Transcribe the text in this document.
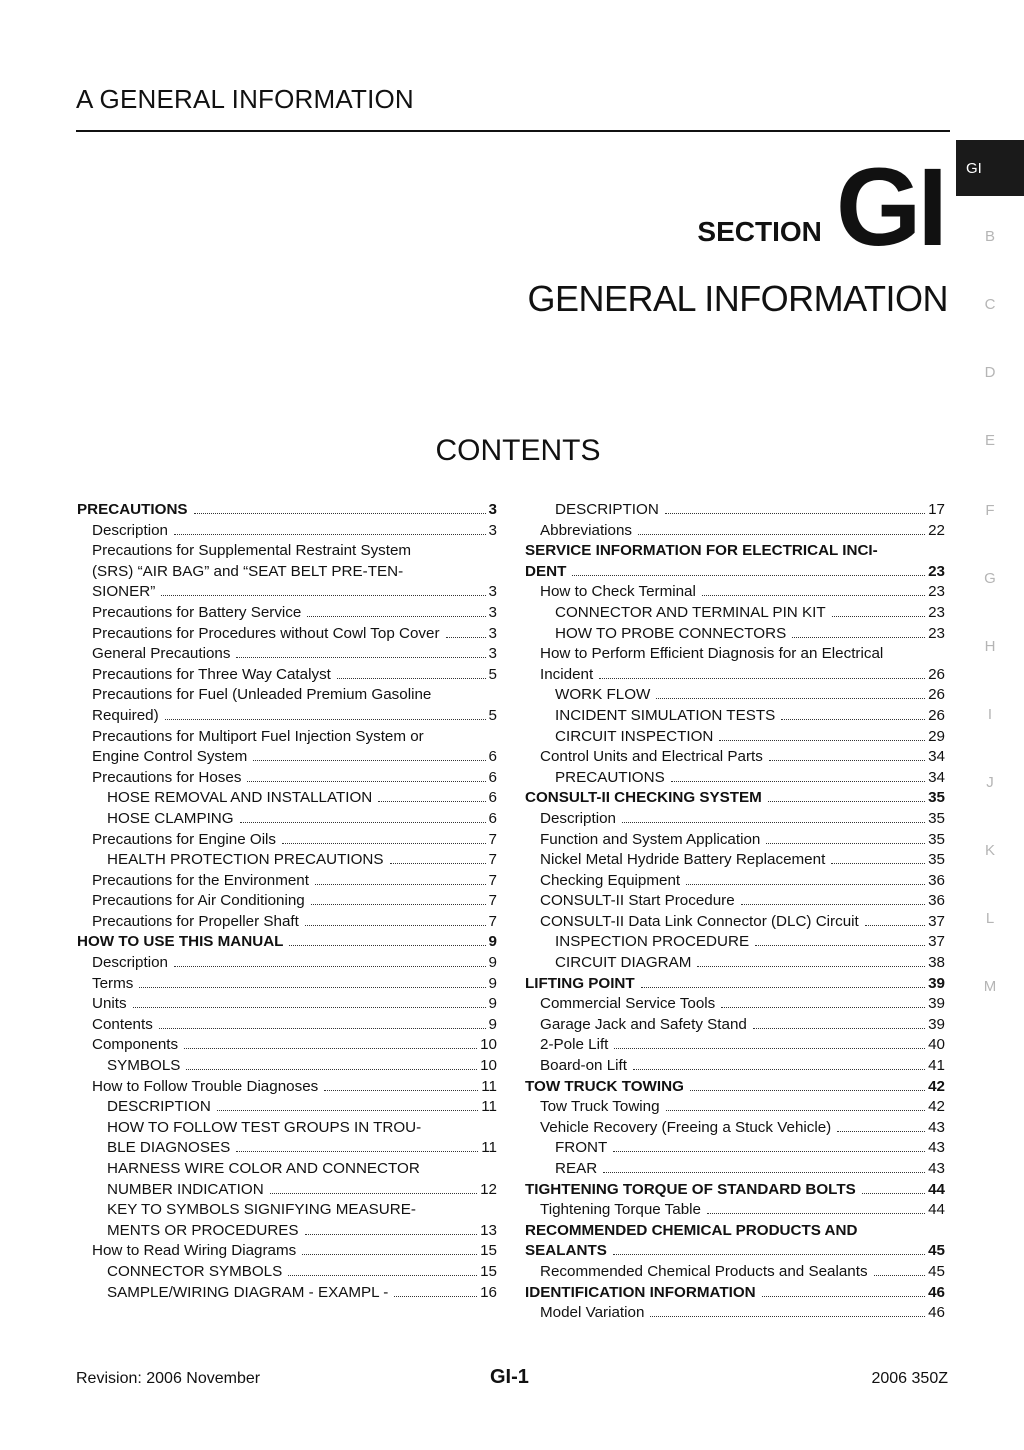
A GENERAL INFORMATION
GI
B
C
D
E
F
G
H
I
J
K
L
M
SECTION GI
GENERAL INFORMATION
CONTENTS
PRECAUTIONS	3
Description	3
Precautions for Supplemental Restraint System
(SRS) “AIR BAG” and “SEAT BELT PRE-TEN-
SIONER”	3
Precautions for Battery Service	3
Precautions for Procedures without Cowl Top Cover	3
General Precautions	3
Precautions for Three Way Catalyst	5
Precautions for Fuel (Unleaded Premium Gasoline
Required)	5
Precautions for Multiport Fuel Injection System or
Engine Control System	6
Precautions for Hoses	6
HOSE REMOVAL AND INSTALLATION	6
HOSE CLAMPING	6
Precautions for Engine Oils	7
HEALTH PROTECTION PRECAUTIONS	7
Precautions for the Environment	7
Precautions for Air Conditioning	7
Precautions for Propeller Shaft	7
HOW TO USE THIS MANUAL	9
Description	9
Terms	9
Units	9
Contents	9
Components	10
SYMBOLS	10
How to Follow Trouble Diagnoses	11
DESCRIPTION	11
HOW TO FOLLOW TEST GROUPS IN TROU-
BLE DIAGNOSES	11
HARNESS WIRE COLOR AND CONNECTOR
NUMBER INDICATION	12
KEY TO SYMBOLS SIGNIFYING MEASURE-
MENTS OR PROCEDURES	13
How to Read Wiring Diagrams	15
CONNECTOR SYMBOLS	15
SAMPLE/WIRING DIAGRAM - EXAMPL -	16
DESCRIPTION	17
Abbreviations	22
SERVICE INFORMATION FOR ELECTRICAL INCI-
DENT	23
How to Check Terminal	23
CONNECTOR AND TERMINAL PIN KIT	23
HOW TO PROBE CONNECTORS	23
How to Perform Efficient Diagnosis for an Electrical
Incident	26
WORK FLOW	26
INCIDENT SIMULATION TESTS	26
CIRCUIT INSPECTION	29
Control Units and Electrical Parts	34
PRECAUTIONS	34
CONSULT-II CHECKING SYSTEM	35
Description	35
Function and System Application	35
Nickel Metal Hydride Battery Replacement	35
Checking Equipment	36
CONSULT-II Start Procedure	36
CONSULT-II Data Link Connector (DLC) Circuit	37
INSPECTION PROCEDURE	37
CIRCUIT DIAGRAM	38
LIFTING POINT	39
Commercial Service Tools	39
Garage Jack and Safety Stand	39
2-Pole Lift	40
Board-on Lift	41
TOW TRUCK TOWING	42
Tow Truck Towing	42
Vehicle Recovery (Freeing a Stuck Vehicle)	43
FRONT	43
REAR	43
TIGHTENING TORQUE OF STANDARD BOLTS	44
Tightening Torque Table	44
RECOMMENDED CHEMICAL PRODUCTS AND
SEALANTS	45
Recommended Chemical Products and Sealants	45
IDENTIFICATION INFORMATION	46
Model Variation	46
Revision: 2006 November	GI-1	2006 350Z
